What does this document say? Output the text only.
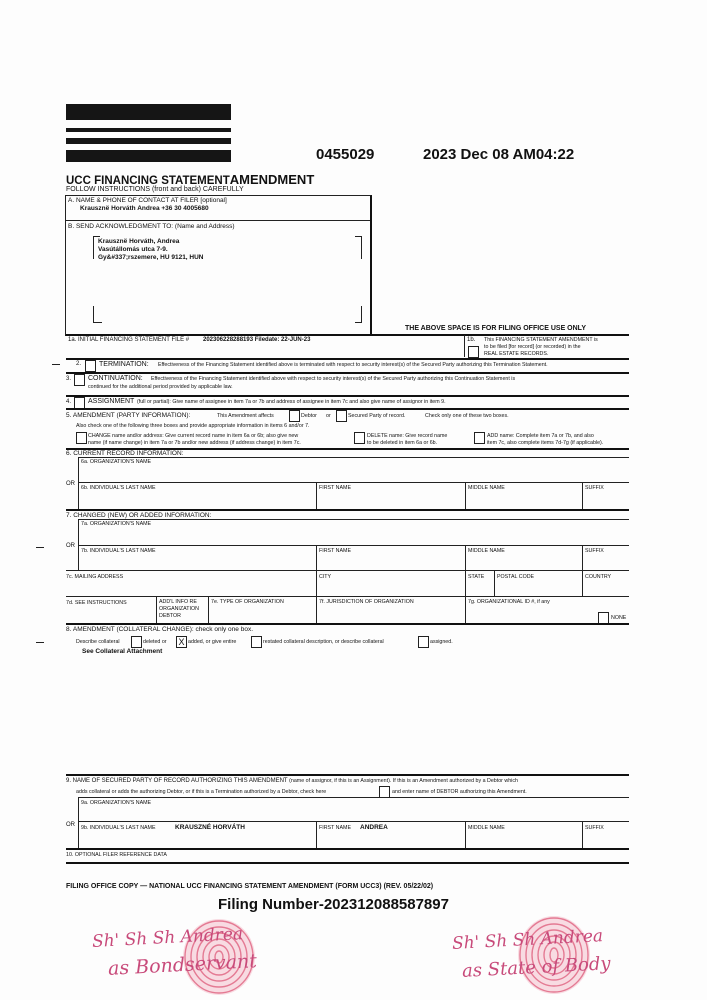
0455029	2023 Dec 08 AM04:22
UCC FINANCING STATEMENTAMENDMENT
FOLLOW INSTRUCTIONS (front and back) CAREFULLY
A. NAME & PHONE OF CONTACT AT FILER [optional]
Krausznë Horváth Andrea +36 30 4005680
B. SEND ACKNOWLEDGMENT TO: (Name and Address)
Krausznë Horváth, Andrea
Vasútállomás utca 7-9.
Gy&#337;rszemere, HU 9121, HUN
THE ABOVE SPACE IS FOR FILING OFFICE USE ONLY
1a. INITIAL FINANCING STATEMENT FILE # 202306228288193 Filedate: 22-JUN-23	1b. This FINANCING STATEMENT AMENDMENT is
to be filed [for record] (or recorded) in the
REAL ESTATE RECORDS.
2.	TERMINATION: Effectiveness of the Financing Statement identified above is terminated with respect to security interest(s) of the Secured Party authorizing this Termination Statement.
3. CONTINUATION: Effectiveness of the Financing Statement identified above with respect to security interest(s) of the Secured Party authorizing this Continuation Statement is
continued for the additional period provided by applicable law.
4. ASSIGNMENT (full or partial): Give name of assignee in item 7a or 7b and address of assignee in item 7c and also give name of assignor in item 9.
5. AMENDMENT (PARTY INFORMATION):	This Amendment affects	Debtor or	Secured Party of record.	Check only one of these two boxes.
Also check one of the following three boxes and provide appropriate information in items 6 and/or 7.
CHANGE name and/or address: Give current record name in item 6a or 6b; also give new
name (if name change) in item 7a or 7b and/or new address (if address change) in item 7c.
DELETE name: Give record name
to be deleted in item 6a or 6b.
ADD name: Complete item 7a or 7b, and also
item 7c, also complete items 7d-7g (if applicable).
6. CURRENT RECORD INFORMATION:
6a. ORGANIZATION'S NAME
OR
6b. INDIVIDUAL'S LAST NAME	FIRST NAME	MIDDLE NAME	SUFFIX
7. CHANGED (NEW) OR ADDED INFORMATION:
7a. ORGANIZATION'S NAME
OR
7b. INDIVIDUAL'S LAST NAME	FIRST NAME	MIDDLE NAME	SUFFIX
7c. MAILING ADDRESS	CITY	STATE POSTAL CODE	COUNTRY
7d. SEE INSTRUCTIONS	ADD'L INFO RE
ORGANIZATION
DEBTOR
7e. TYPE OF ORGANIZATION	7f. JURISDICTION OF ORGANIZATION	7g. ORGANIZATIONAL ID #, if any
NONE
8. AMENDMENT (COLLATERAL CHANGE): check only one box.
Describe collateral	deleted or X added, or give entire	restated collateral description, or describe collateral	assigned.
See Collateral Attachment
9. NAME OF SECURED PARTY OF RECORD AUTHORIZING THIS AMENDMENT (name of assignor, if this is an Assignment). If this is an Amendment authorized by a Debtor which
adds collateral or adds the authorizing Debtor, or if this is a Termination authorized by a Debtor, check here	and enter name of DEBTOR authorizing this Amendment.
9a. ORGANIZATION'S NAME
OR 9b. INDIVIDUAL'S LAST NAME	KRAUSZNÉ HORVÁTH	FIRST NAME ANDREA	MIDDLE NAME	SUFFIX
10. OPTIONAL FILER REFERENCE DATA
FILING OFFICE COPY — NATIONAL UCC FINANCING STATEMENT AMENDMENT (FORM UCC3) (REV. 05/22/02)
Filing Number-202312088587897
Sh' Sh Sh Andrea
as Bondservant
Sh' Sh Sh Andrea
as State of Body
